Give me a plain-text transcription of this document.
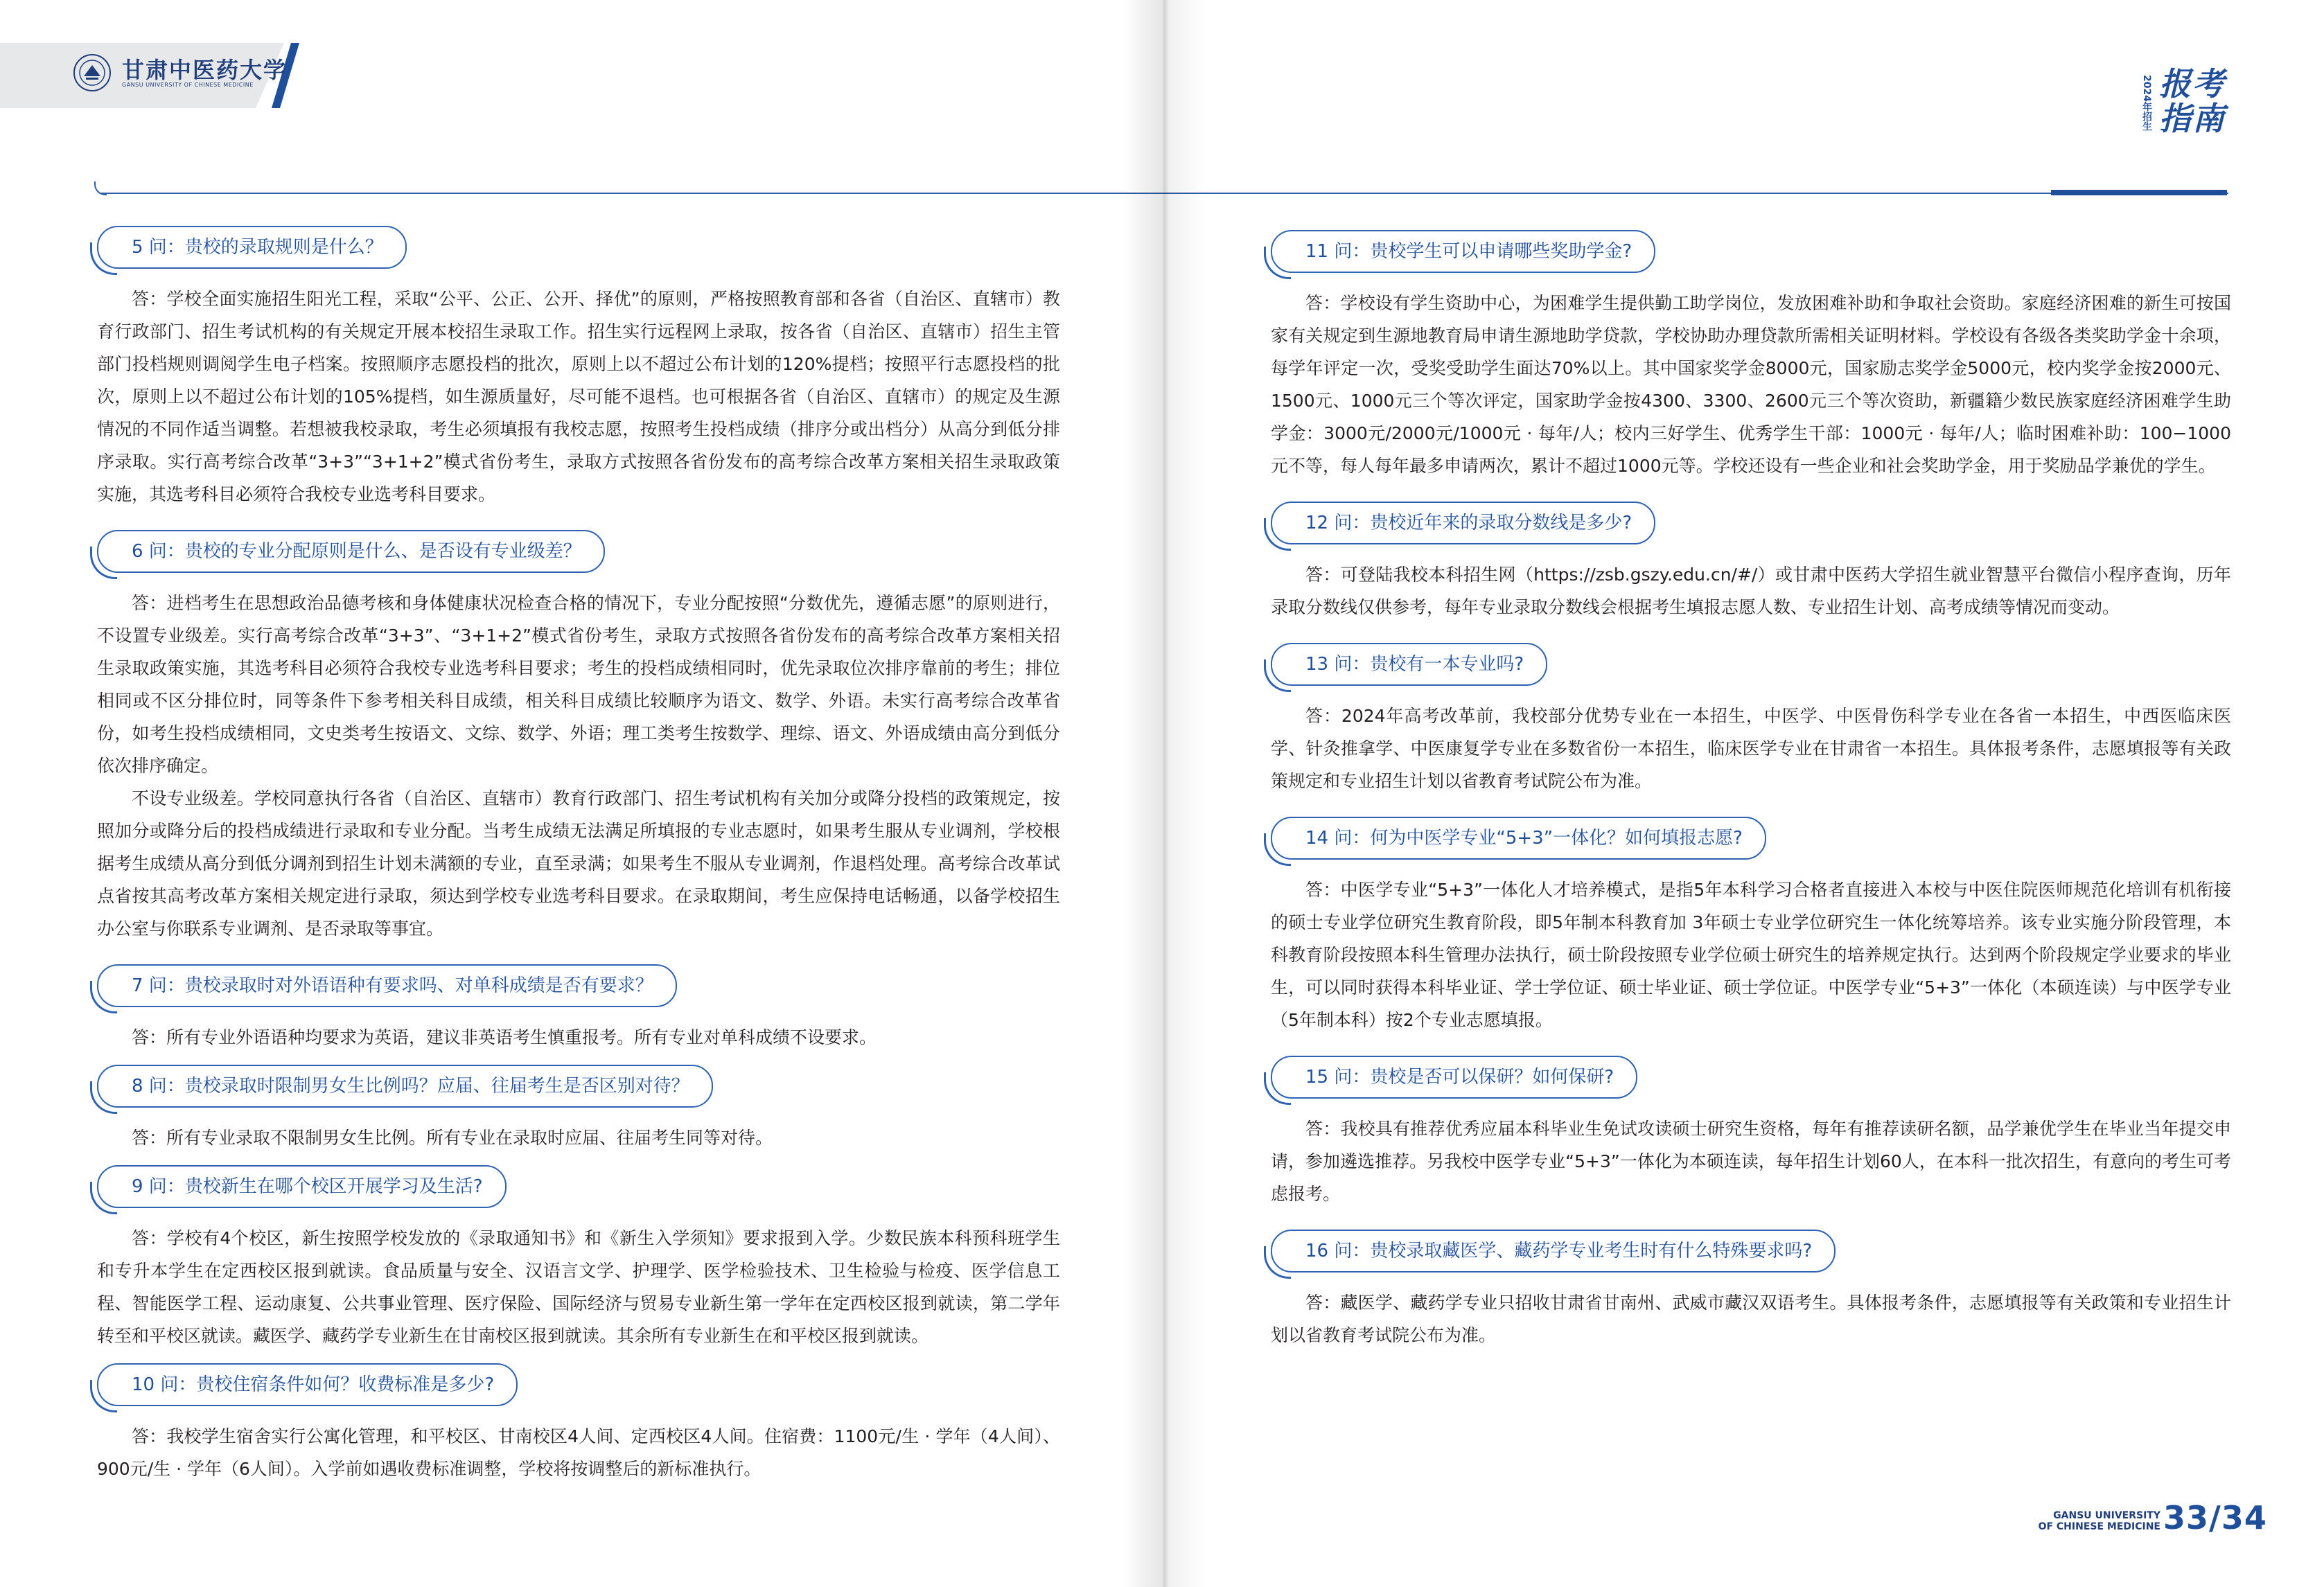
甘肃中医药大学
GANSU UNIVERSITY OF CHINESE MEDICINE
5 问：贵校的录取规则是什么？

答：学校全面实施招生阳光工程，采取“公平、公正、公开、择优”的原则，严格按照教育部和各省（自治区、直辖市）教育行政部门、招生考试机构的有关规定开展本校招生录取工作。招生实行远程网上录取，按各省（自治区、直辖市）招生主管部门投档规则调阅学生电子档案。按照顺序志愿投档的批次，原则上以不超过公布计划的120%提档；按照平行志愿投档的批次，原则上以不超过公布计划的105%提档，如生源质量好，尽可能不退档。也可根据各省（自治区、直辖市）的规定及生源情况的不同作适当调整。若想被我校录取，考生必须填报有我校志愿，按照考生投档成绩（排序分或出档分）从高分到低分排序录取。实行高考综合改革“3+3”“3+1+2”模式省份考生，录取方式按照各省份发布的高考综合改革方案相关招生录取政策实施，其选考科目必须符合我校专业选考科目要求。

6 问：贵校的专业分配原则是什么、是否设有专业级差？

答：进档考生在思想政治品德考核和身体健康状况检查合格的情况下，专业分配按照“分数优先，遵循志愿”的原则进行，不设置专业级差。实行高考综合改革“3+3”、“3+1+2”模式省份考生，录取方式按照各省份发布的高考综合改革方案相关招生录取政策实施，其选考科目必须符合我校专业选考科目要求；考生的投档成绩相同时，优先录取位次排序靠前的考生；排位相同或不区分排位时，同等条件下参考相关科目成绩，相关科目成绩比较顺序为语文、数学、外语。未实行高考综合改革省份，如考生投档成绩相同，文史类考生按语文、文综、数学、外语；理工类考生按数学、理综、语文、外语成绩由高分到低分依次排序确定。

不设专业级差。学校同意执行各省（自治区、直辖市）教育行政部门、招生考试机构有关加分或降分投档的政策规定，按照加分或降分后的投档成绩进行录取和专业分配。当考生成绩无法满足所填报的专业志愿时，如果考生服从专业调剂，学校根据考生成绩从高分到低分调剂到招生计划未满额的专业，直至录满；如果考生不服从专业调剂，作退档处理。高考综合改革试点省按其高考改革方案相关规定进行录取，须达到学校专业选考科目要求。在录取期间，考生应保持电话畅通，以备学校招生办公室与你联系专业调剂、是否录取等事宜。

7 问：贵校录取时对外语语种有要求吗、对单科成绩是否有要求？

答：所有专业外语语种均要求为英语，建议非英语考生慎重报考。所有专业对单科成绩不设要求。

8 问：贵校录取时限制男女生比例吗？应届、往届考生是否区别对待？

答：所有专业录取不限制男女生比例。所有专业在录取时应届、往届考生同等对待。

9 问：贵校新生在哪个校区开展学习及生活?

答：学校有4个校区，新生按照学校发放的《录取通知书》和《新生入学须知》要求报到入学。少数民族本科预科班学生和专升本学生在定西校区报到就读。食品质量与安全、汉语言文学、护理学、医学检验技术、卫生检验与检疫、医学信息工程、智能医学工程、运动康复、公共事业管理、医疗保险、国际经济与贸易专业新生第一学年在定西校区报到就读，第二学年转至和平校区就读。藏医学、藏药学专业新生在甘南校区报到就读。其余所有专业新生在和平校区报到就读。

10 问：贵校住宿条件如何？收费标准是多少?

答：我校学生宿舍实行公寓化管理，和平校区、甘南校区4人间、定西校区4人间。住宿费：1100元/生 · 学年（4人间）、900元/生 · 学年（6人间）。入学前如遇收费标准调整，学校将按调整后的新标准执行。

2024年招生 报考指南
11 问：贵校学生可以申请哪些奖助学金?

答：学校设有学生资助中心，为困难学生提供勤工助学岗位，发放困难补助和争取社会资助。家庭经济困难的新生可按国家有关规定到生源地教育局申请生源地助学贷款，学校协助办理贷款所需相关证明材料。学校设有各级各类奖助学金十余项，每学年评定一次，受奖受助学生面达70%以上。其中国家奖学金8000元，国家励志奖学金5000元，校内奖学金按2000元、1500元、1000元三个等次评定，国家助学金按4300、3300、2600元三个等次资助，新疆籍少数民族家庭经济困难学生助学金：3000元/2000元/1000元 · 每年/人；校内三好学生、优秀学生干部：1000元 · 每年/人；临时困难补助：100−1000元不等，每人每年最多申请两次，累计不超过1000元等。学校还设有一些企业和社会奖助学金，用于奖励品学兼优的学生。

12 问：贵校近年来的录取分数线是多少?

答：可登陆我校本科招生网（https://zsb.gszy.edu.cn/#/）或甘肃中医药大学招生就业智慧平台微信小程序查询，历年录取分数线仅供参考，每年专业录取分数线会根据考生填报志愿人数、专业招生计划、高考成绩等情况而变动。

13 问：贵校有一本专业吗?

答：2024年高考改革前，我校部分优势专业在一本招生，中医学、中医骨伤科学专业在各省一本招生，中西医临床医学、针灸推拿学、中医康复学专业在多数省份一本招生，临床医学专业在甘肃省一本招生。具体报考条件，志愿填报等有关政策规定和专业招生计划以省教育考试院公布为准。

14 问：何为中医学专业“5+3”一体化？如何填报志愿?

答：中医学专业“5+3”一体化人才培养模式，是指5年本科学习合格者直接进入本校与中医住院医师规范化培训有机衔接的硕士专业学位研究生教育阶段，即5年制本科教育加 3年硕士专业学位研究生一体化统筹培养。该专业实施分阶段管理，本科教育阶段按照本科生管理办法执行，硕士阶段按照专业学位硕士研究生的培养规定执行。达到两个阶段规定学业要求的毕业生，可以同时获得本科毕业证、学士学位证、硕士毕业证、硕士学位证。中医学专业“5+3”一体化（本硕连读）与中医学专业（5年制本科）按2个专业志愿填报。

15 问：贵校是否可以保研？如何保研?

答：我校具有推荐优秀应届本科毕业生免试攻读硕士研究生资格，每年有推荐读研名额，品学兼优学生在毕业当年提交申请，参加遴选推荐。另我校中医学专业“5+3”一体化为本硕连读，每年招生计划60人，在本科一批次招生，有意向的考生可考虑报考。

16 问：贵校录取藏医学、藏药学专业考生时有什么特殊要求吗?

答：藏医学、藏药学专业只招收甘肃省甘南州、武威市藏汉双语考生。具体报考条件，志愿填报等有关政策和专业招生计划以省教育考试院公布为准。

GANSU UNIVERSITY
OF CHINESE MEDICINE 33/34
